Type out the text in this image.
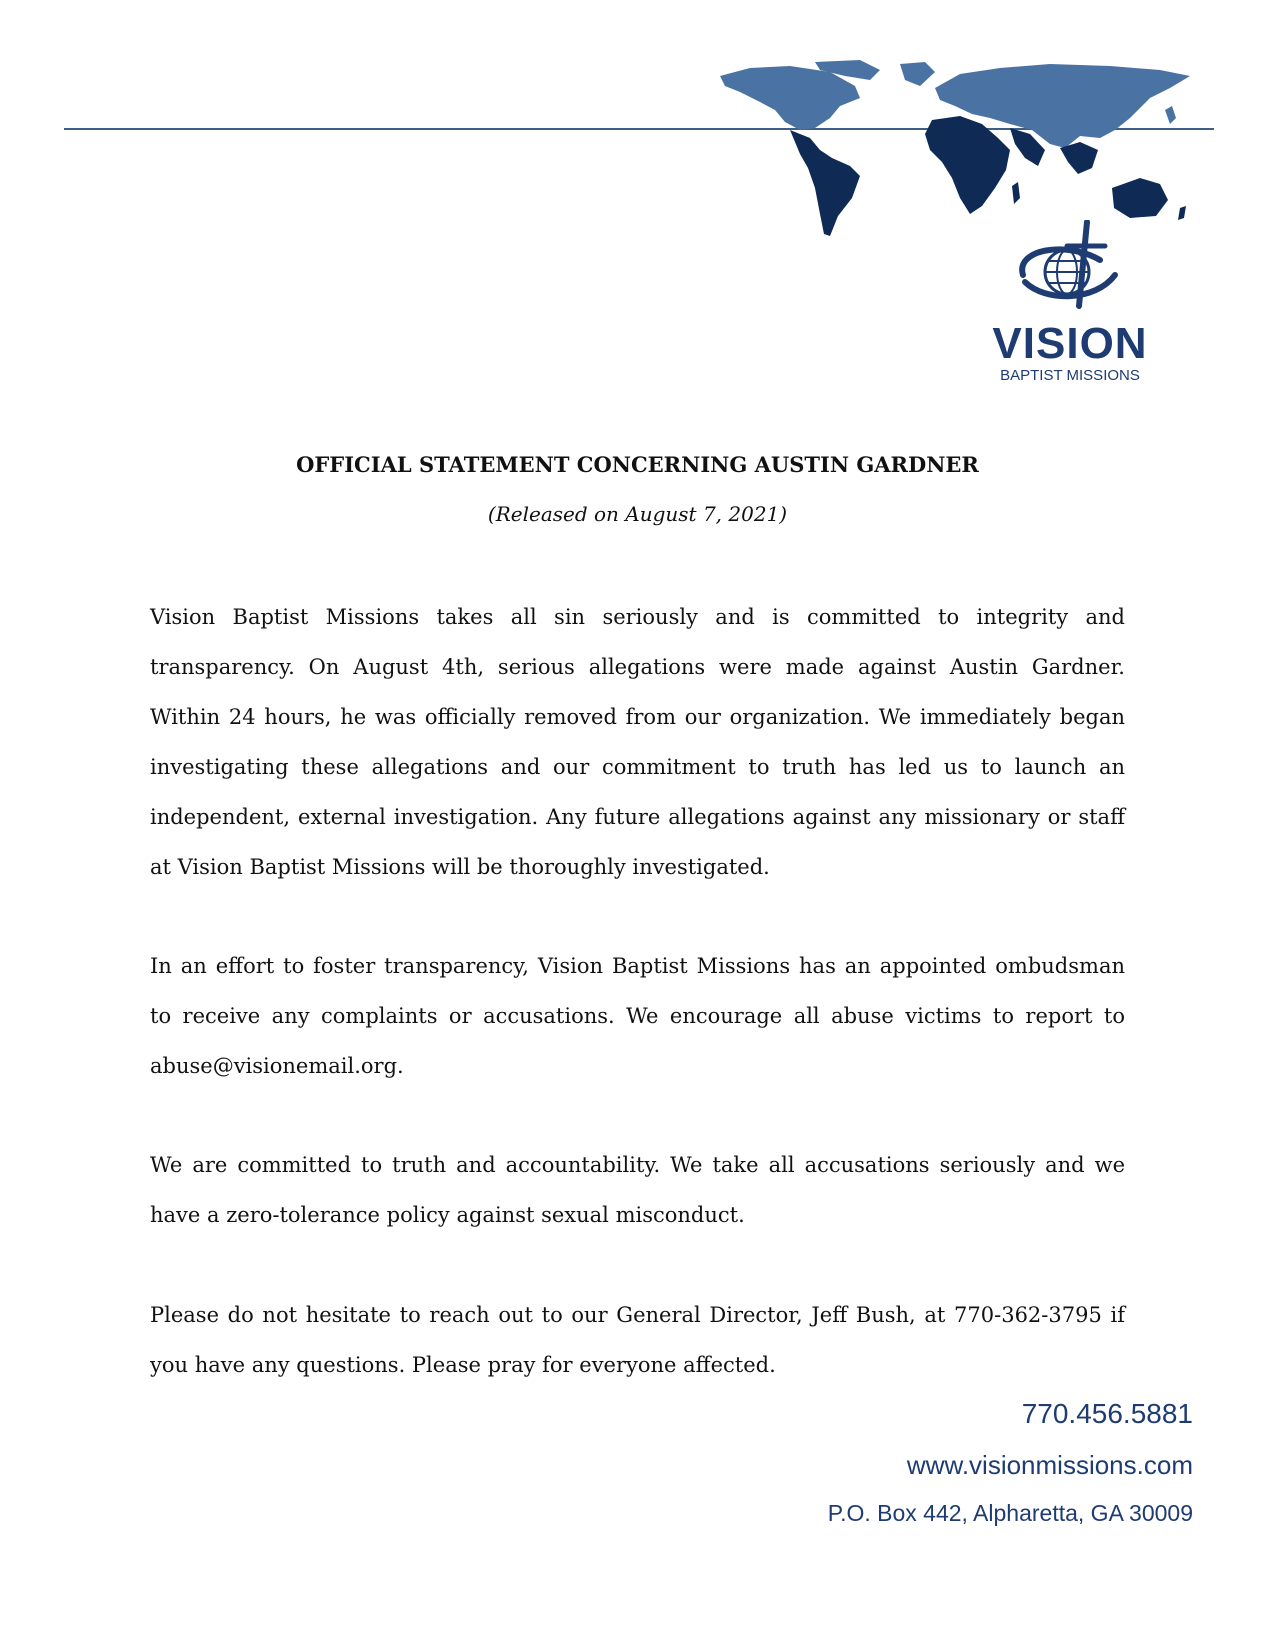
VISION
BAPTIST MISSIONS
OFFICIAL STATEMENT CONCERNING AUSTIN GARDNER
(Released on August 7, 2021)
Vision Baptist Missions takes all sin seriously and is committed to integrity and transparency. On August 4th, serious allegations were made against Austin Gardner. Within 24 hours, he was officially removed from our organization. We immediately began investigating these allegations and our commitment to truth has led us to launch an independent, external investigation. Any future allegations against any missionary or staff at Vision Baptist Missions will be thoroughly investigated.
In an effort to foster transparency, Vision Baptist Missions has an appointed ombudsman to receive any complaints or accusations. We encourage all abuse victims to report to abuse@visionemail.org.
We are committed to truth and accountability. We take all accusations seriously and we have a zero-tolerance policy against sexual misconduct.
Please do not hesitate to reach out to our General Director, Jeff Bush, at 770-362-3795 if you have any questions. Please pray for everyone affected.
770.456.5881
www.visionmissions.com
P.O. Box 442, Alpharetta, GA 30009
